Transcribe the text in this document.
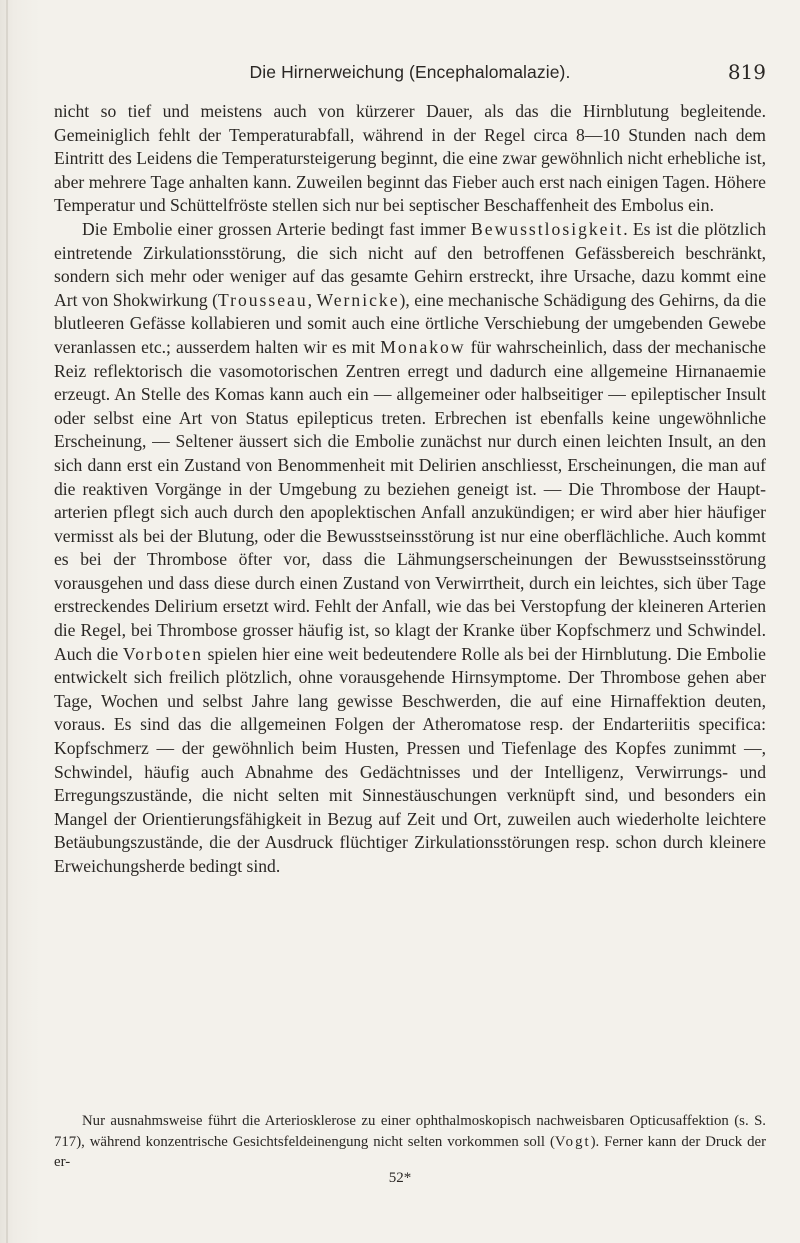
Die Hirnerweichung (Encephalomalazie).	819

nicht so tief und meistens auch von kürzerer Dauer, als das die Hirnblutung begleitende. Gemeiniglich fehlt der Temperaturabfall, während in der Regel circa 8—10 Stunden nach dem Eintritt des Leidens die Temperatursteigerung beginnt, die eine zwar gewöhnlich nicht erhebliche ist, aber mehrere Tage anhalten kann. Zuweilen beginnt das Fieber auch erst nach einigen Tagen. Höhere Temperatur und Schüttelfröste stellen sich nur bei septischer Beschaffenheit des Embolus ein.

Die Embolie einer grossen Arterie bedingt fast immer Bewusstlosigkeit. Es ist die plötzlich eintretende Zirkulationsstörung, die sich nicht auf den betroffenen Gefässbereich beschränkt, sondern sich mehr oder weniger auf das gesamte Gehirn erstreckt, ihre Ursache, dazu kommt eine Art von Shokwirkung (Trousseau, Wernicke), eine mechanische Schädigung des Gehirns, da die blutleeren Gefässe kollabieren und somit auch eine örtliche Verschiebung der umgebenden Gewebe veranlassen etc.; ausserdem halten wir es mit Monakow für wahrscheinlich, dass der mechanische Reiz reflektorisch die vasomotorischen Zentren erregt und dadurch eine allgemeine Hirnanaemie erzeugt. An Stelle des Komas kann auch ein — allgemeiner oder halbseitiger — epileptischer Insult oder selbst eine Art von Status epilepticus treten. Erbrechen ist ebenfalls keine ungewöhnliche Erscheinung, — Seltener äussert sich die Embolie zunächst nur durch einen leichten Insult, an den sich dann erst ein Zustand von Benommenheit mit Delirien anschliesst, Erscheinungen, die man auf die reaktiven Vorgänge in der Umgebung zu beziehen geneigt ist. — Die Thrombose der Hauptarterien pflegt sich auch durch den apoplektischen Anfall anzukündigen; er wird aber hier häufiger vermisst als bei der Blutung, oder die Bewusstseinsstörung ist nur eine oberflächliche. Auch kommt es bei der Thrombose öfter vor, dass die Lähmungserscheinungen der Bewusstseinsstörung vorausgehen und dass diese durch einen Zustand von Verwirrtheit, durch ein leichtes, sich über Tage erstreckendes Delirium ersetzt wird. Fehlt der Anfall, wie das bei Verstopfung der kleineren Arterien die Regel, bei Thrombose grosser häufig ist, so klagt der Kranke über Kopfschmerz und Schwindel. Auch die Vorboten spielen hier eine weit bedeutendere Rolle als bei der Hirnblutung. Die Embolie entwickelt sich freilich plötzlich, ohne vorausgehende Hirnsymptome. Der Thrombose gehen aber Tage, Wochen und selbst Jahre lang gewisse Beschwerden, die auf eine Hirnaffektion deuten, voraus. Es sind das die allgemeinen Folgen der Atheromatose resp. der Endarteriitis specifica: Kopfschmerz — der gewöhnlich beim Husten, Pressen und Tiefenlage des Kopfes zunimmt —, Schwindel, häufig auch Abnahme des Gedächtnisses und der Intelligenz, Verwirrungs- und Erregungszustände, die nicht selten mit Sinnestäuschungen verknüpft sind, und besonders ein Mangel der Orientierungsfähigkeit in Bezug auf Zeit und Ort, zuweilen auch wiederholte leichtere Betäubungszustände, die der Ausdruck flüchtiger Zirkulationsstörungen resp. schon durch kleinere Erweichungsherde bedingt sind.

Nur ausnahmsweise führt die Arteriosklerose zu einer ophthalmoskopisch nachweisbaren Opticusaffektion (s. S. 717), während konzentrische Gesichtsfeldeinengung nicht selten vorkommen soll (Vogt). Ferner kann der Druck der er-

52*
